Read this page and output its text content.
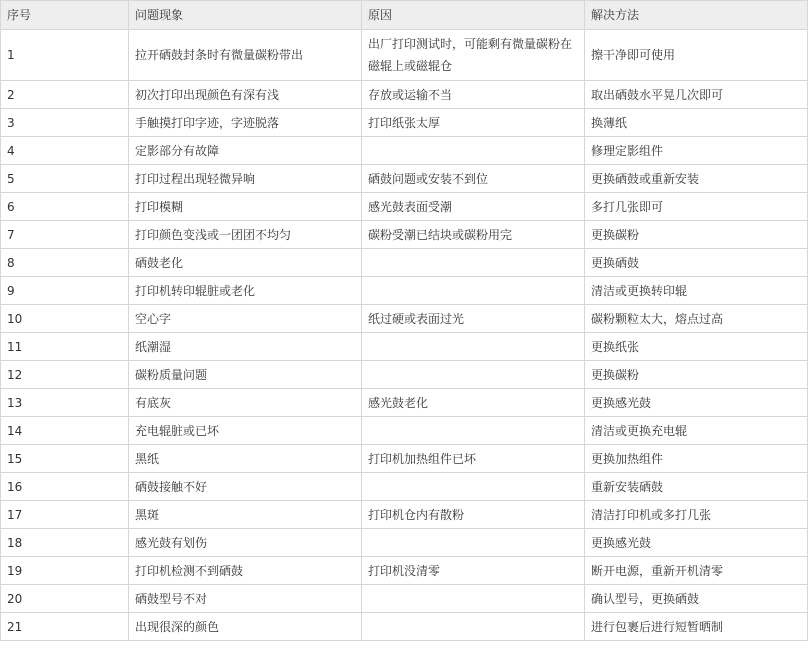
序号	问题现象	原因	解决方法
1	拉开硒鼓封条时有微量碳粉带出	出厂打印测试时，可能剩有微量碳粉在磁辊上或磁辊仓	擦干净即可使用
2	初次打印出现颜色有深有浅	存放或运输不当	取出硒鼓水平晃几次即可
3	手触摸打印字迹，字迹脱落	打印纸张太厚	换薄纸
4	定影部分有故障		修理定影组件
5	打印过程出现轻微异响	硒鼓问题或安装不到位	更换硒鼓或重新安装
6	打印模糊	感光鼓表面受潮	多打几张即可
7	打印颜色变浅或一团团不均匀	碳粉受潮已结块或碳粉用完	更换碳粉
8	硒鼓老化		更换硒鼓
9	打印机转印辊脏或老化		清洁或更换转印辊
10	空心字	纸过硬或表面过光	碳粉颗粒太大，熔点过高
11	纸潮湿		更换纸张
12	碳粉质量问题		更换碳粉
13	有底灰	感光鼓老化	更换感光鼓
14	充电辊脏或已坏		清洁或更换充电辊
15	黑纸	打印机加热组件已坏	更换加热组件
16	硒鼓接触不好		重新安装硒鼓
17	黑斑	打印机仓内有散粉	清洁打印机或多打几张
18	感光鼓有划伤		更换感光鼓
19	打印机检测不到硒鼓	打印机没清零	断开电源，重新开机清零
20	硒鼓型号不对		确认型号，更换硒鼓
21	出现很深的颜色		进行包裹后进行短暂晒制
